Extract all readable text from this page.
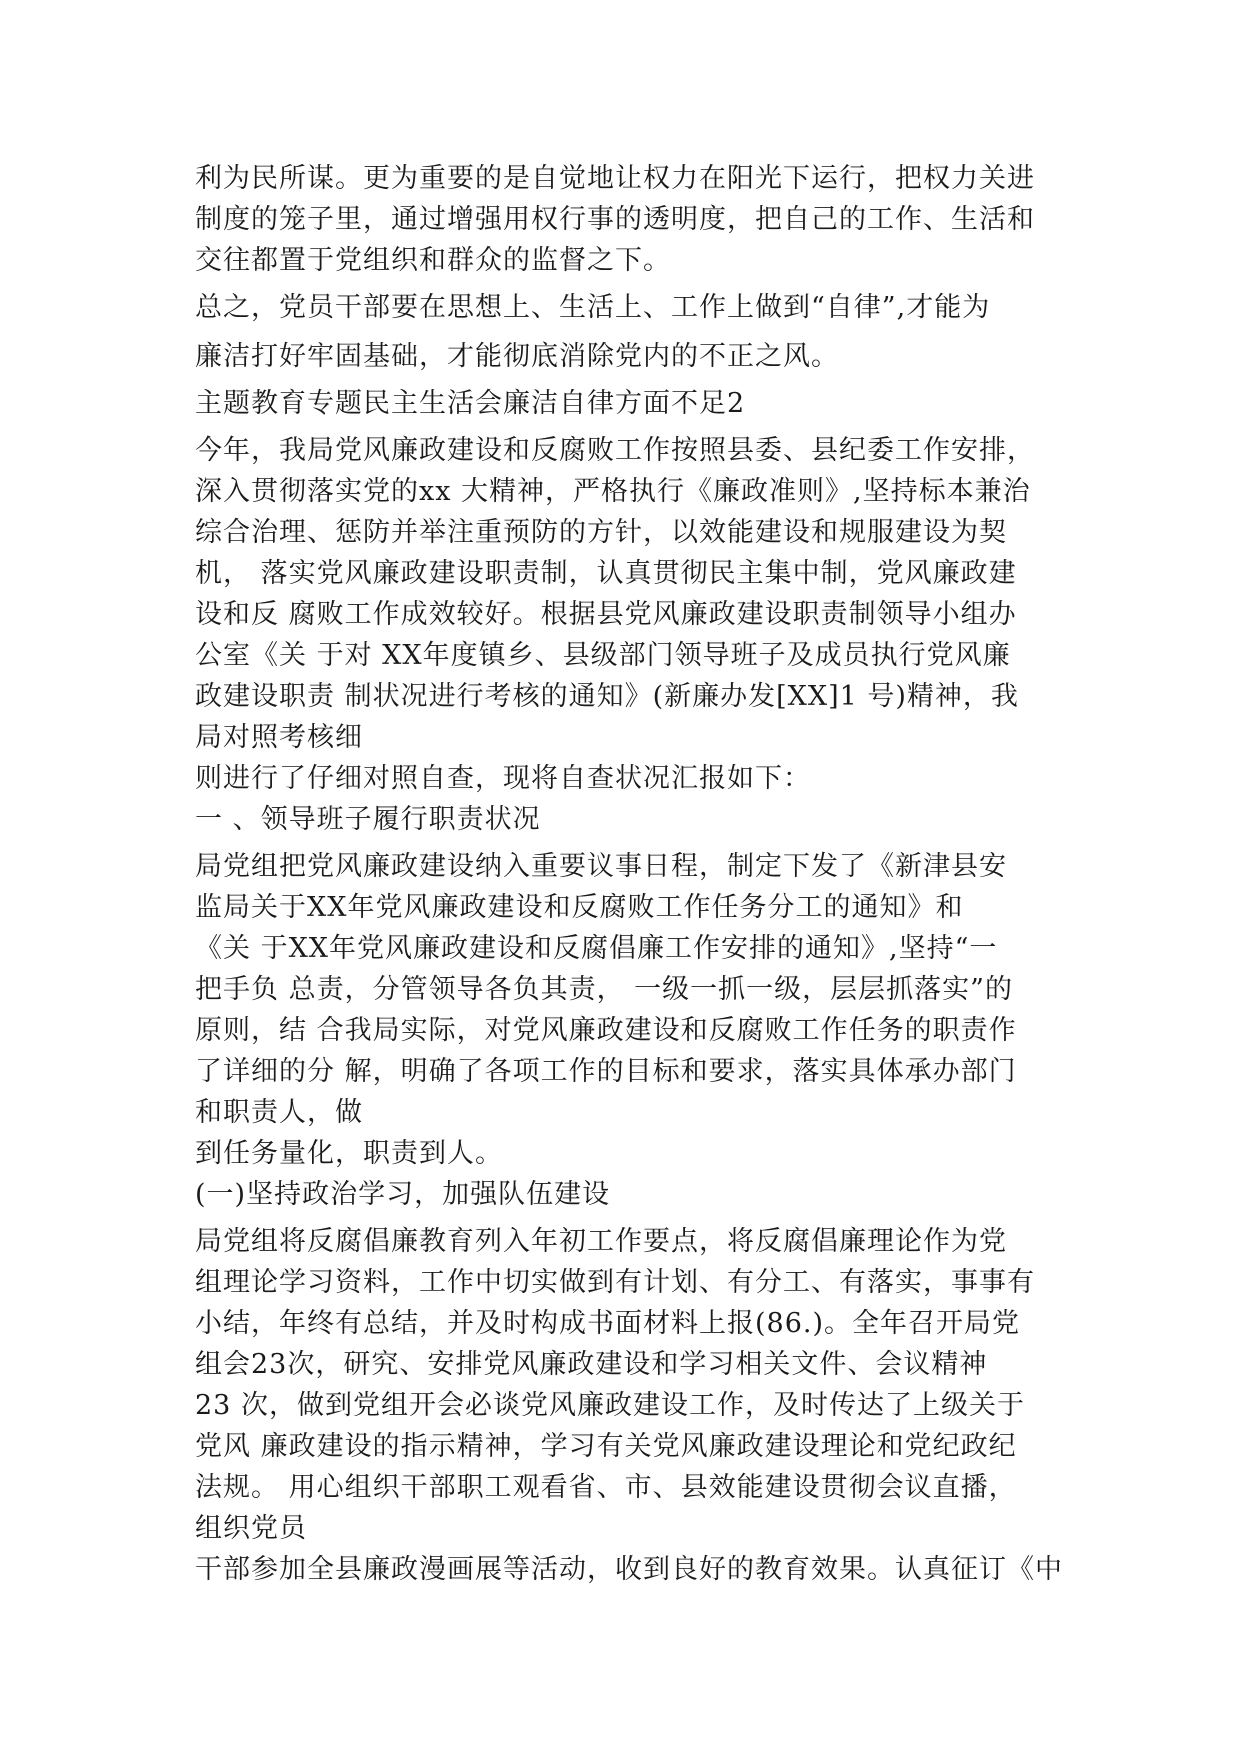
利为民所谋。更为重要的是自觉地让权力在阳光下运行，把权力关进
制度的笼子里，通过增强用权行事的透明度，把自己的工作、生活和
交往都置于党组织和群众的监督之下。
总之，党员干部要在思想上、生活上、工作上做到“自律”,才能为
廉洁打好牢固基础，才能彻底消除党内的不正之风。
主题教育专题民主生活会廉洁自律方面不足2
今年，我局党风廉政建设和反腐败工作按照县委、县纪委工作安排，
深入贯彻落实党的xx 大精神，严格执行《廉政准则》,坚持标本兼治
综合治理、惩防并举注重预防的方针，以效能建设和规服建设为契
机， 落实党风廉政建设职责制，认真贯彻民主集中制，党风廉政建
设和反 腐败工作成效较好。根据县党风廉政建设职责制领导小组办
公室《关 于对 XX年度镇乡、县级部门领导班子及成员执行党风廉
政建设职责 制状况进行考核的通知》(新廉办发[XX]1 号)精神，我
局对照考核细
则进行了仔细对照自查，现将自查状况汇报如下：
一 、领导班子履行职责状况
局党组把党风廉政建设纳入重要议事日程，制定下发了《新津县安
监局关于XX年党风廉政建设和反腐败工作任务分工的通知》和
《关 于XX年党风廉政建设和反腐倡廉工作安排的通知》,坚持“一
把手负 总责，分管领导各负其责， 一级一抓一级，层层抓落实”的
原则，结 合我局实际，对党风廉政建设和反腐败工作任务的职责作
了详细的分 解，明确了各项工作的目标和要求，落实具体承办部门
和职责人，做
到任务量化，职责到人。
(一)坚持政治学习，加强队伍建设
局党组将反腐倡廉教育列入年初工作要点，将反腐倡廉理论作为党
组理论学习资料，工作中切实做到有计划、有分工、有落实，事事有
小结，年终有总结，并及时构成书面材料上报(86.)。全年召开局党
组会23次，研究、安排党风廉政建设和学习相关文件、会议精神
23 次，做到党组开会必谈党风廉政建设工作，及时传达了上级关于
党风 廉政建设的指示精神，学习有关党风廉政建设理论和党纪政纪
法规。 用心组织干部职工观看省、市、县效能建设贯彻会议直播，
组织党员
干部参加全县廉政漫画展等活动，收到良好的教育效果。认真征订《中
